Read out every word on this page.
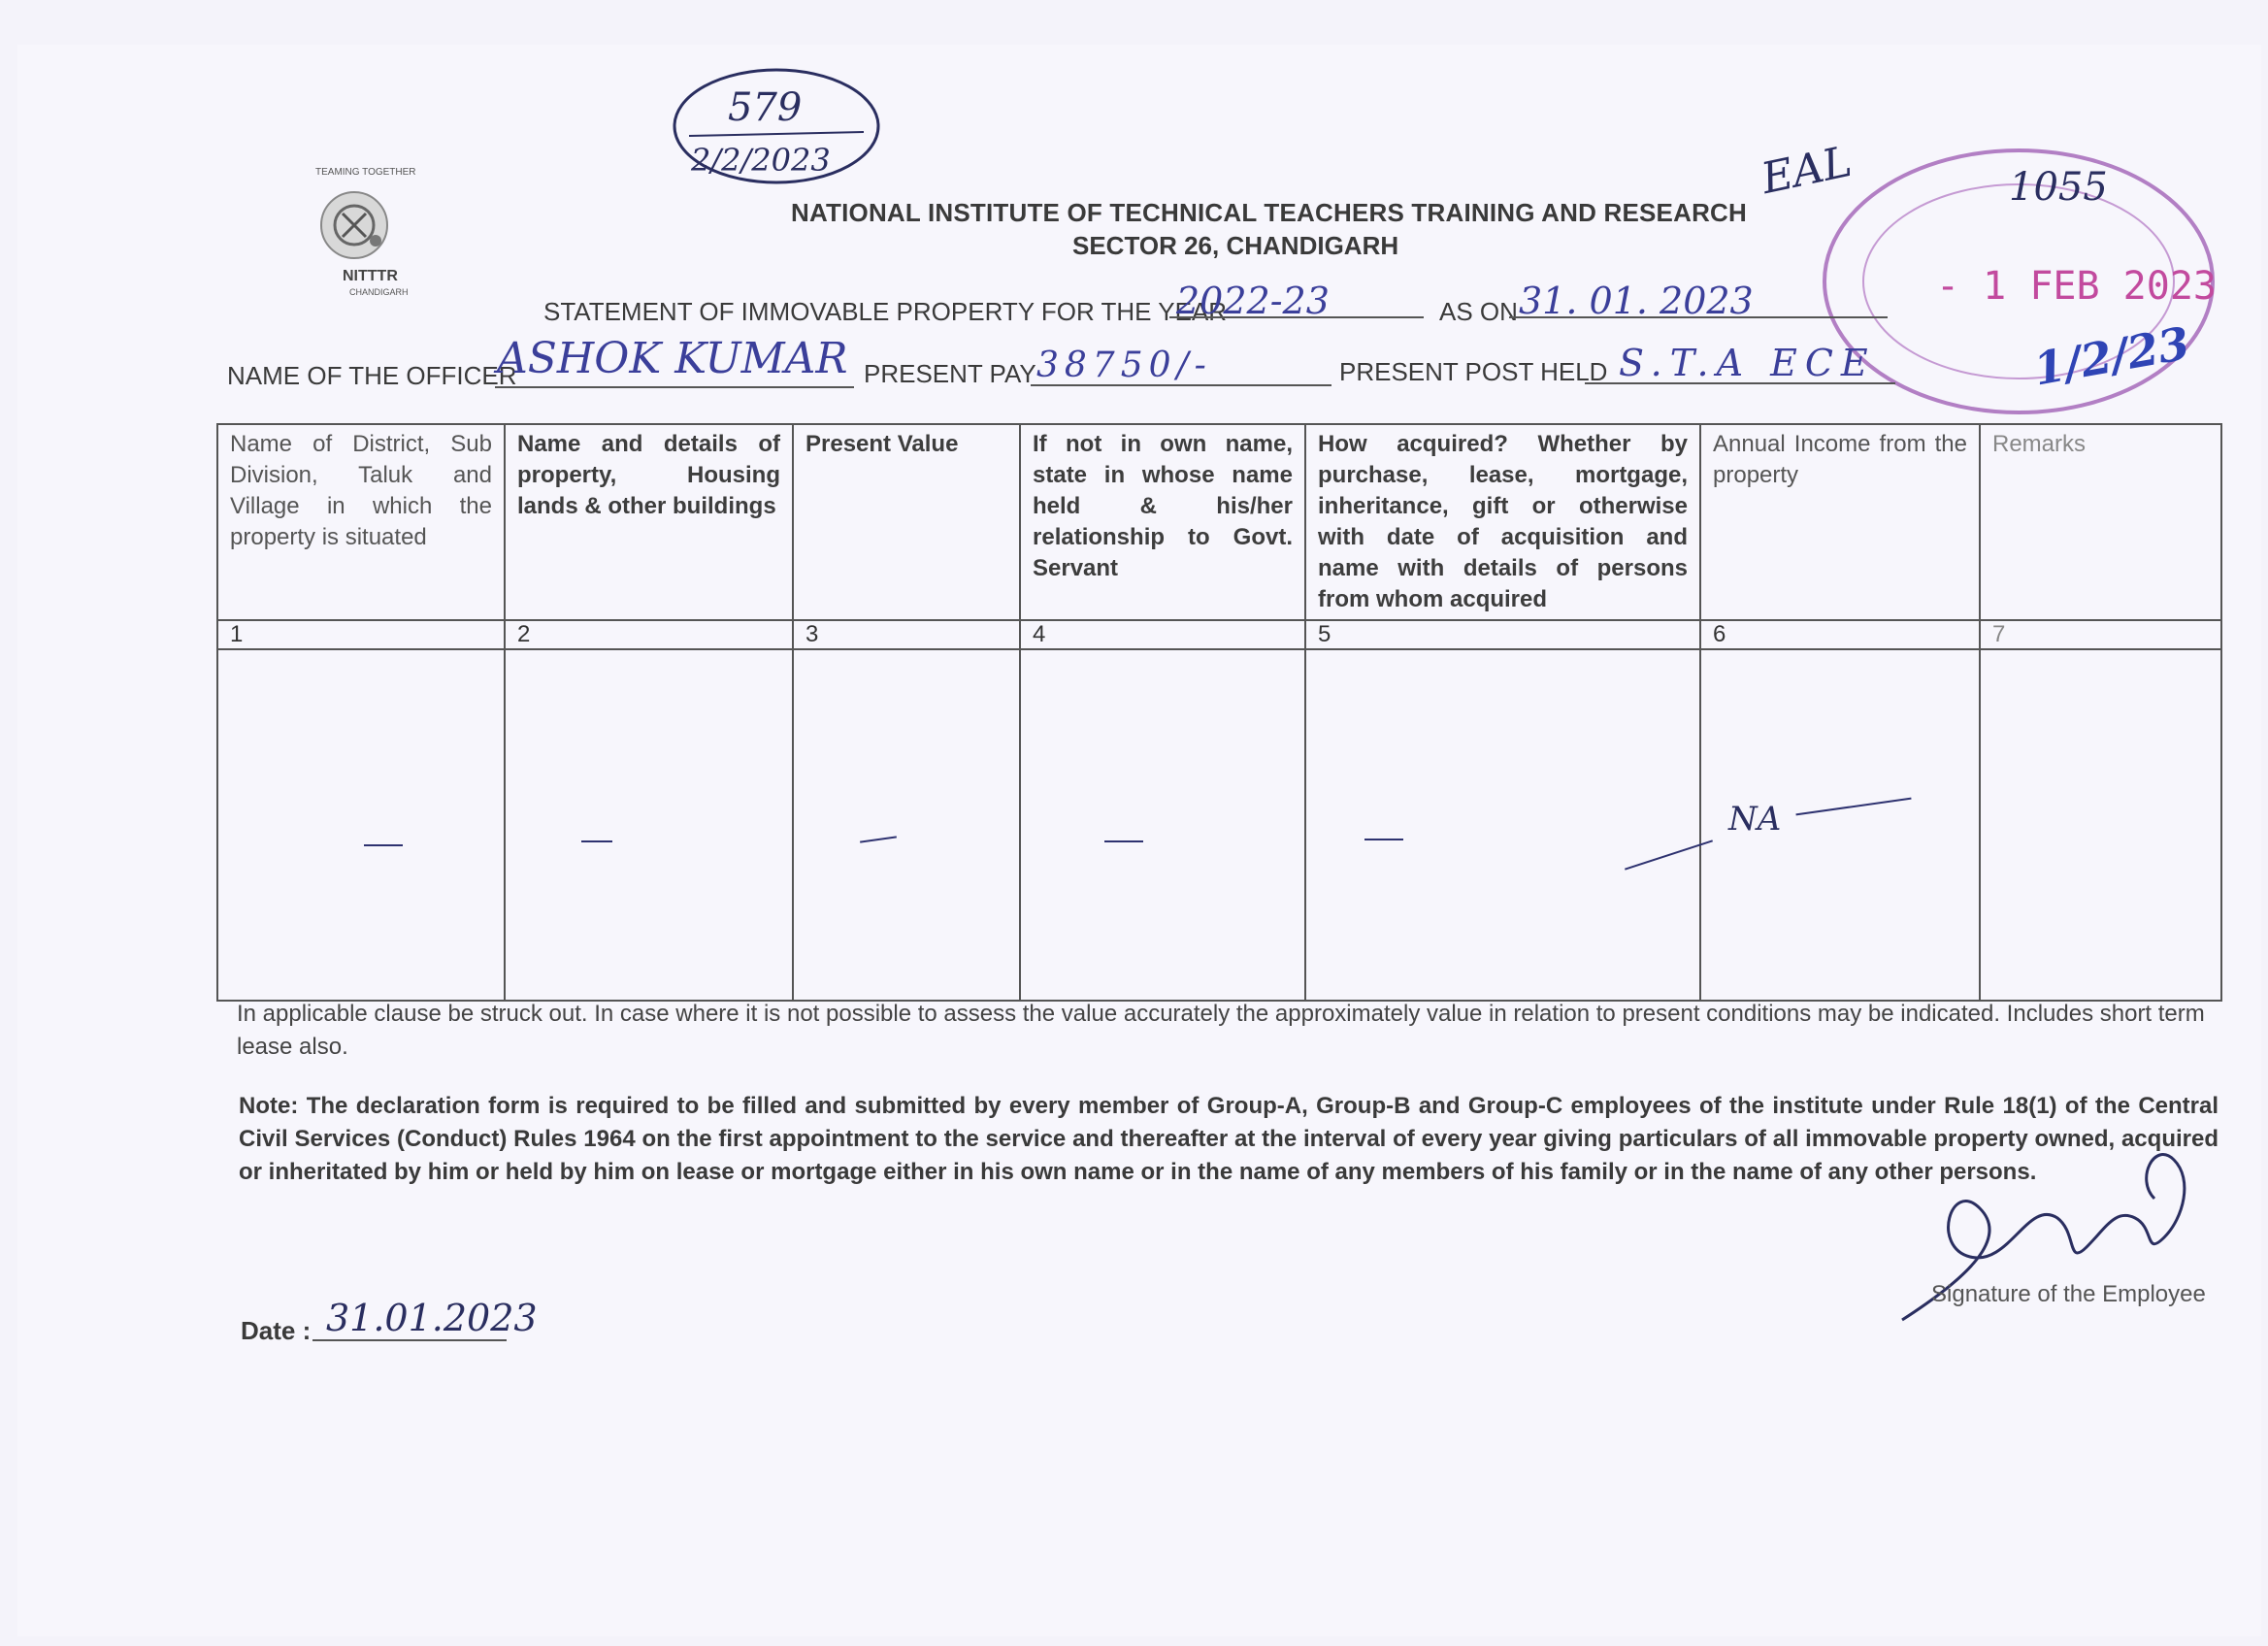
TEAMING TOGETHER
NITTTR
CHANDIGARH
579
2/2/2023
NATIONAL INSTITUTE OF TECHNICAL TEACHERS TRAINING AND RESEARCH
SECTOR 26, CHANDIGARH
EAL	1055
- 1 FEB 2023
1/2/23
STATEMENT OF IMMOVABLE PROPERTY FOR THE YEAR
2022-23	AS ON 31. 01. 2023
NAME OF THE OFFICER
ASHOK KUMAR PRESENT PAY 38750/-	PRESENT POST HELD S.T.A ECE
Name of District, Sub Division, Taluk and Village in which the property is situated	Name and details of property, Housing lands & other buildings	Present Value	If not in own name, state in whose name held & his/her relationship to Govt. Servant	How acquired? Whether by purchase, lease, mortgage, inheritance, gift or otherwise with date of acquisition and name with details of persons from whom acquired	Annual Income from the property	Remarks
1	2	3	4	5	6	7

					NA	

In applicable clause be struck out. In case where it is not possible to assess the value accurately the approximately value in relation to present conditions may be indicated. Includes short term lease also.
Note: The declaration form is required to be filled and submitted by every member of Group-A, Group-B and Group-C employees of the institute under Rule 18(1) of the Central Civil Services (Conduct) Rules 1964 on the first appointment to the service and thereafter at the interval of every year giving particulars of all immovable property owned, acquired or inheritated by him or held by him on lease or mortgage either in his own name or in the name of any members of his family or in the name of any other persons.
Date : 31.01.2023
Signature of the Employee
